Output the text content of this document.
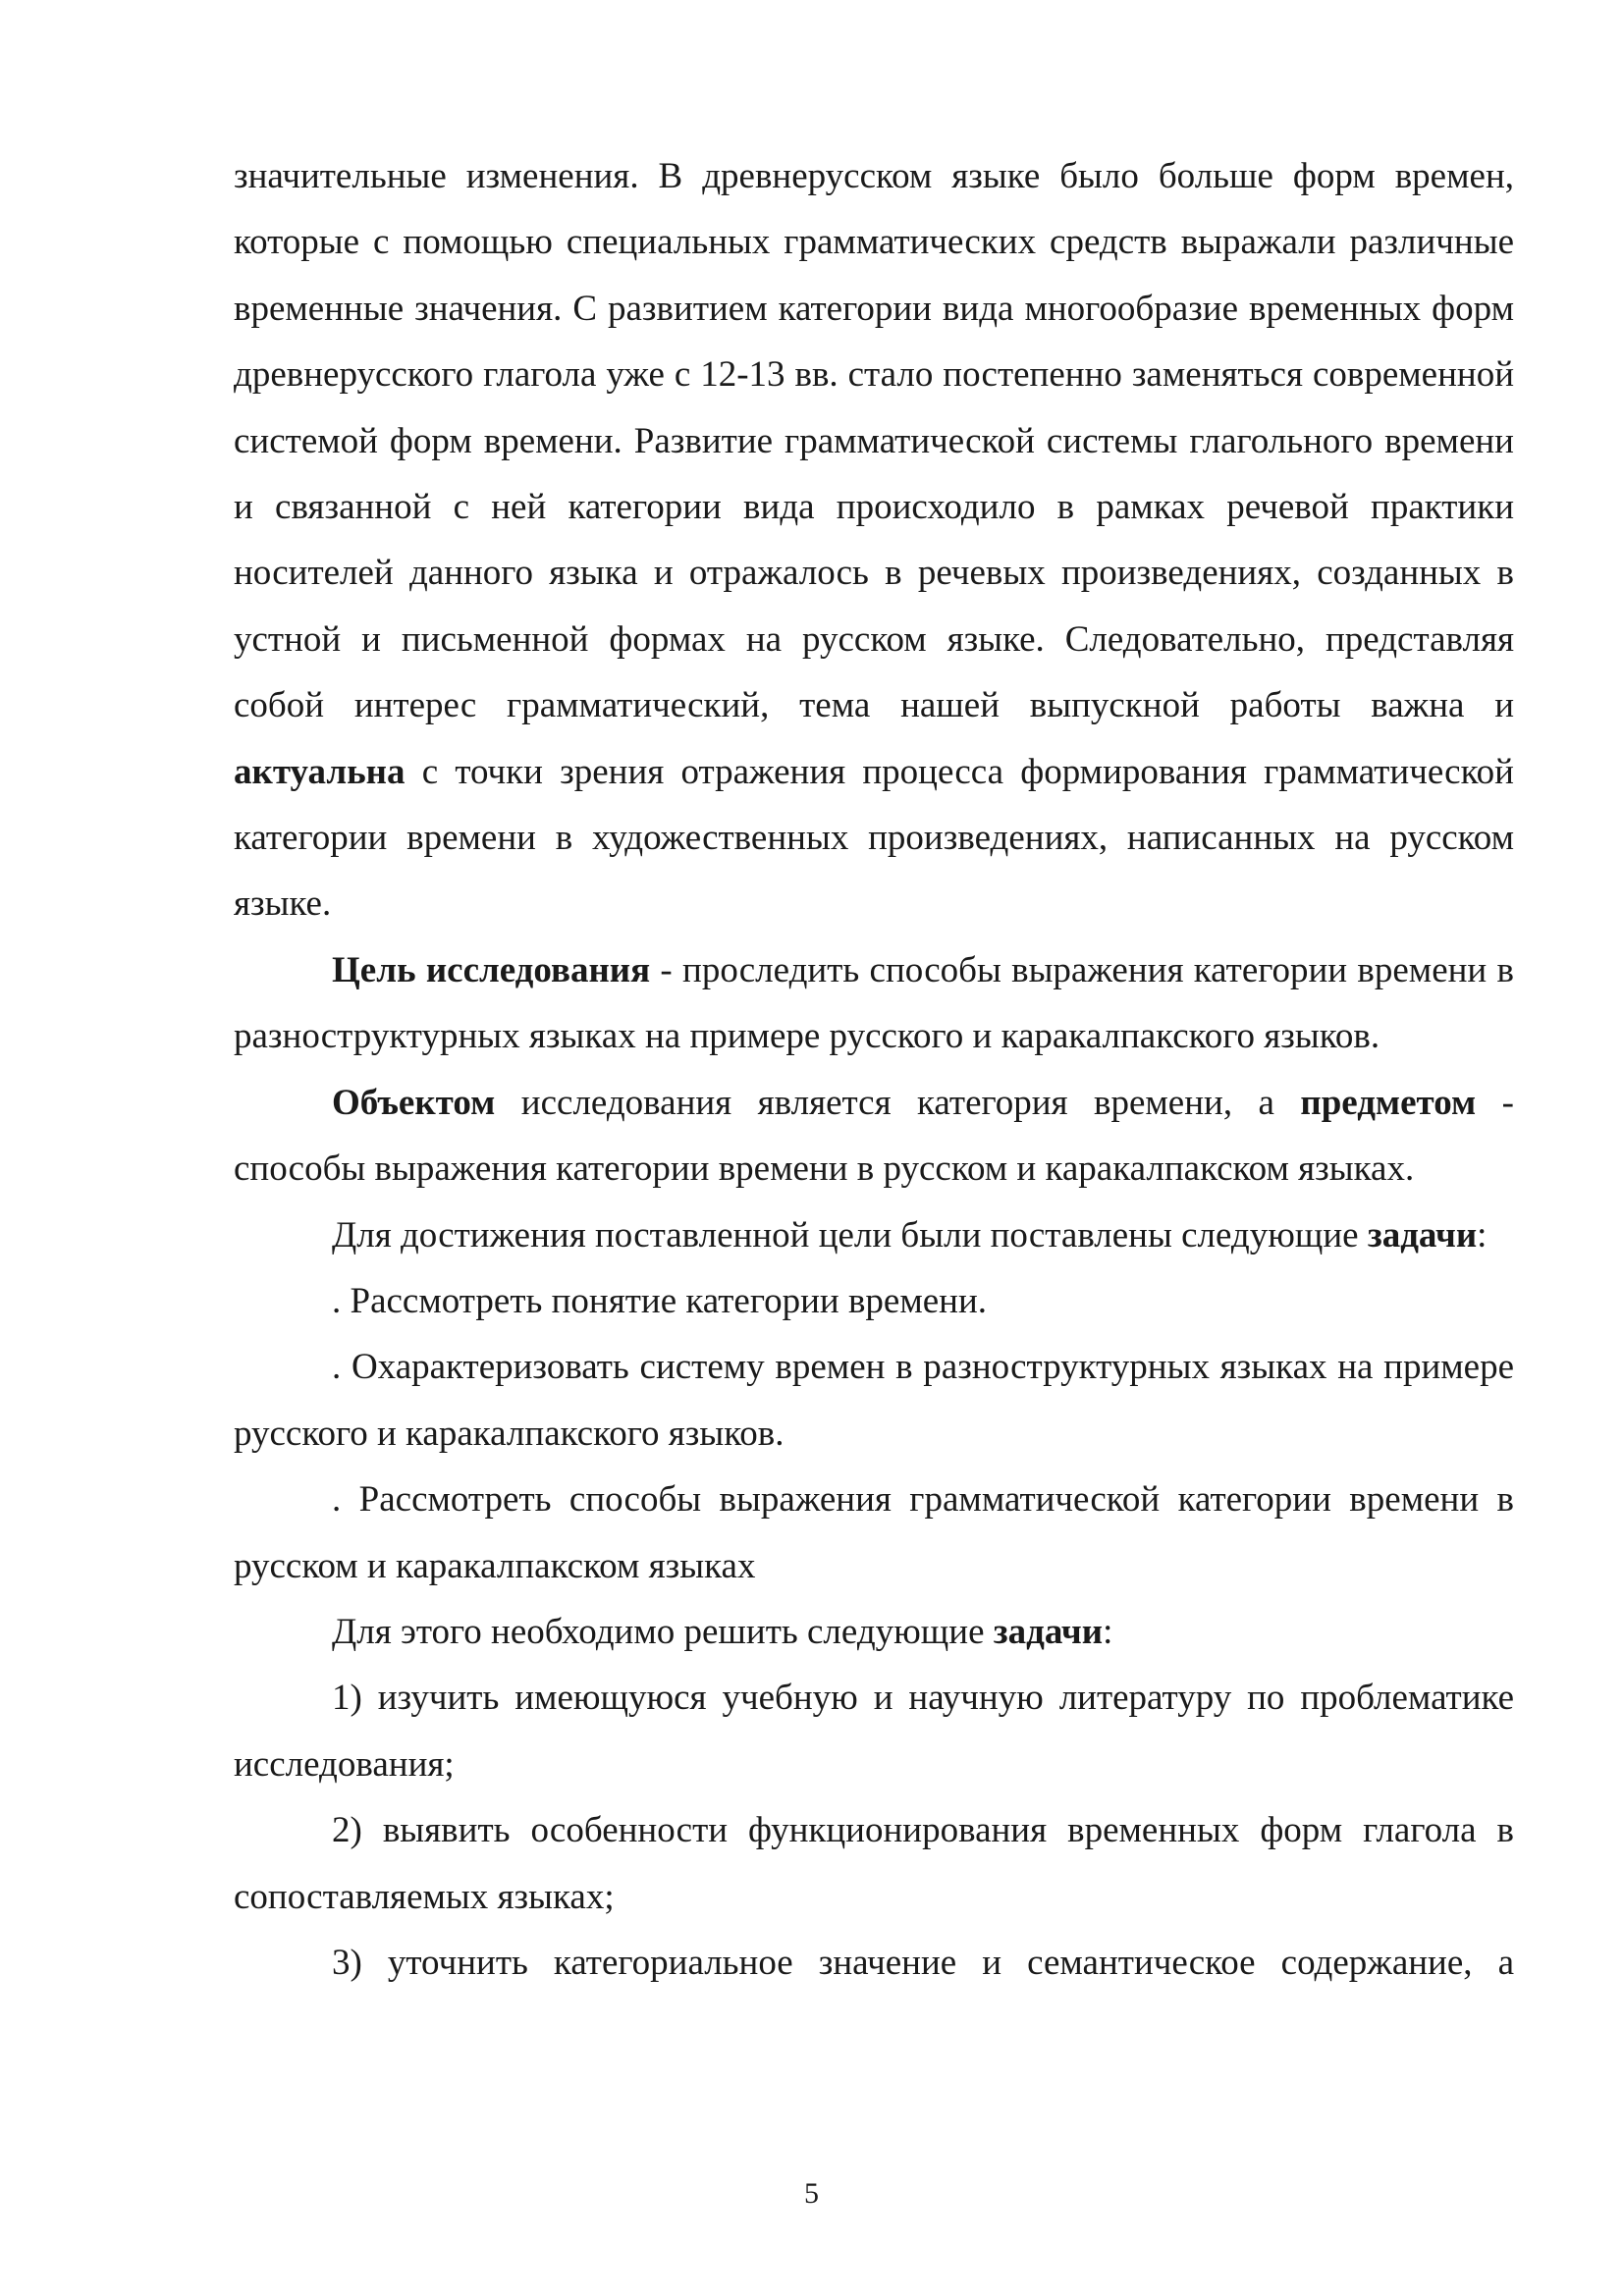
значительные изменения. В древнерусском языке было больше форм времен, которые с помощью специальных грамматических средств выражали различные временные значения. С развитием категории вида многообразие временных форм древнерусского глагола уже с 12-13 вв. стало постепенно заменяться современной системой форм времени. Развитие грамматической системы глагольного времени и связанной с ней категории вида происходило в рамках речевой практики носителей данного языка и отражалось в речевых произведениях, созданных в устной и письменной формах на русском языке. Следовательно, представляя собой интерес грамматический, тема нашей выпускной работы важна и актуальна с точки зрения отражения процесса формирования грамматической категории времени в художественных произведениях, написанных на русском языке.

Цель исследования - проследить способы выражения категории времени в разноструктурных языках на примере русского и каракалпакского языков.

Объектом исследования является категория времени, а предметом - способы выражения категории времени в русском и каракалпакском языках.

Для достижения поставленной цели были поставлены следующие задачи:

. Рассмотреть понятие категории времени.

. Охарактеризовать систему времен в разноструктурных языках на примере русского и каракалпакского языков.

. Рассмотреть способы выражения грамматической категории времени в русском и каракалпакском языках

Для этого необходимо решить следующие задачи:

1) изучить имеющуюся учебную и научную литературу по проблематике исследования;

2) выявить особенности функционирования временных форм глагола в сопоставляемых языках;

3) уточнить категориальное значение и семантическое содержание, а

5
